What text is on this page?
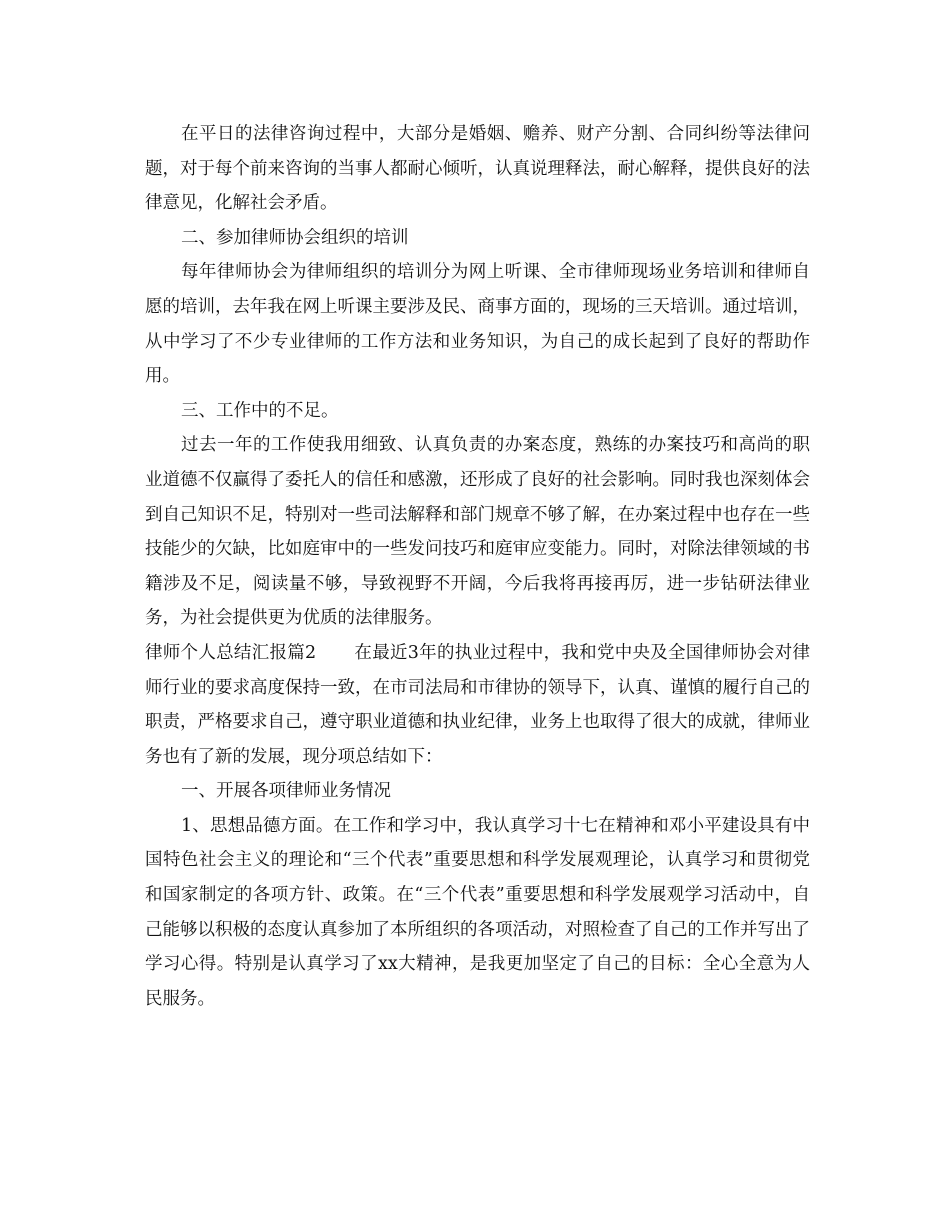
在平日的法律咨询过程中，大部分是婚姻、赡养、财产分割、合同纠纷等法律问题，对于每个前来咨询的当事人都耐心倾听，认真说理释法，耐心解释，提供良好的法律意见，化解社会矛盾。

二、参加律师协会组织的培训

每年律师协会为律师组织的培训分为网上听课、全市律师现场业务培训和律师自愿的培训，去年我在网上听课主要涉及民、商事方面的，现场的三天培训。通过培训，从中学习了不少专业律师的工作方法和业务知识，为自己的成长起到了良好的帮助作用。

三、工作中的不足。

过去一年的工作使我用细致、认真负责的办案态度，熟练的办案技巧和高尚的职业道德不仅赢得了委托人的信任和感激，还形成了良好的社会影响。同时我也深刻体会到自己知识不足，特别对一些司法解释和部门规章不够了解，在办案过程中也存在一些技能少的欠缺，比如庭审中的一些发问技巧和庭审应变能力。同时，对除法律领域的书籍涉及不足，阅读量不够，导致视野不开阔，今后我将再接再厉，进一步钻研法律业务，为社会提供更为优质的法律服务。

律师个人总结汇报篇2 在最近3年的执业过程中，我和党中央及全国律师协会对律师行业的要求高度保持一致，在市司法局和市律协的领导下，认真、谨慎的履行自己的职责，严格要求自己，遵守职业道德和执业纪律，业务上也取得了很大的成就，律师业务也有了新的发展，现分项总结如下：

一、开展各项律师业务情况

1、思想品德方面。在工作和学习中，我认真学习十七在精神和邓小平建设具有中国特色社会主义的理论和“三个代表”重要思想和科学发展观理论，认真学习和贯彻党和国家制定的各项方针、政策。在“三个代表”重要思想和科学发展观学习活动中，自己能够以积极的态度认真参加了本所组织的各项活动，对照检查了自己的工作并写出了学习心得。特别是认真学习了xx大精神，是我更加坚定了自己的目标：全心全意为人民服务。
